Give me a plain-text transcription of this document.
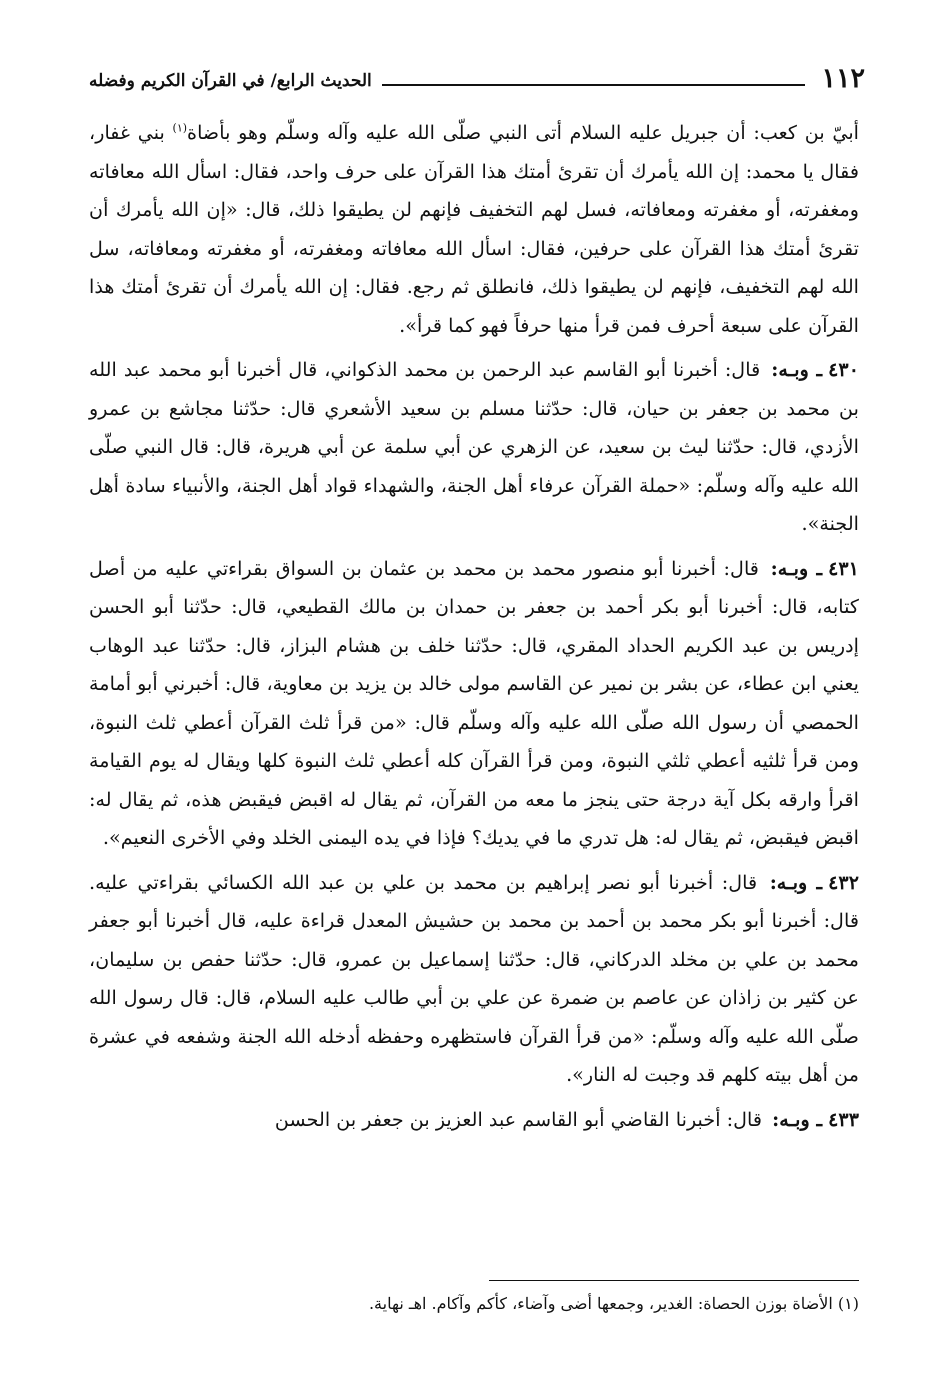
١١٢
الحديث الرابع/ في القرآن الكريم وفضله

أبيّ بن كعب: أن جبريل عليه السلام أتى النبي صلّى الله عليه وآله وسلّم وهو بأضاة$^{(١)}$ بني غفار، فقال يا محمد: إن الله يأمرك أن تقرئ أمتك هذا القرآن على حرف واحد، فقال: اسأل الله معافاته ومغفرته، أو مغفرته ومعافاته، فسل لهم التخفيف فإنهم لن يطيقوا ذلك، قال: «إن الله يأمرك أن تقرئ أمتك هذا القرآن على حرفين، فقال: اسأل الله معافاته ومغفرته، أو مغفرته ومعافاته، سل الله لهم التخفيف، فإنهم لن يطيقوا ذلك، فانطلق ثم رجع. فقال: إن الله يأمرك أن تقرئ أمتك هذا القرآن على سبعة أحرف فمن قرأ منها حرفاً فهو كما قرأ».

٤٣٠ـ وبـه: قال: أخبرنا أبو القاسم عبد الرحمن بن محمد الذكواني، قال أخبرنا أبو محمد عبد الله بن محمد بن جعفر بن حيان، قال: حدّثنا مسلم بن سعيد الأشعري قال: حدّثنا مجاشع بن عمرو الأزدي، قال: حدّثنا ليث بن سعيد، عن الزهري عن أبي سلمة عن أبي هريرة، قال: قال النبي صلّى الله عليه وآله وسلّم: «حملة القرآن عرفاء أهل الجنة، والشهداء قواد أهل الجنة، والأنبياء سادة أهل الجنة».

٤٣١ـ وبـه: قال: أخبرنا أبو منصور محمد بن محمد بن عثمان بن السواق بقراءتي عليه من أصل كتابه، قال: أخبرنا أبو بكر أحمد بن جعفر بن حمدان بن مالك القطيعي، قال: حدّثنا أبو الحسن إدريس بن عبد الكريم الحداد المقري، قال: حدّثنا خلف بن هشام البزاز، قال: حدّثنا عبد الوهاب يعني ابن عطاء، عن بشر بن نمير عن القاسم مولى خالد بن يزيد بن معاوية، قال: أخبرني أبو أمامة الحمصي أن رسول الله صلّى الله عليه وآله وسلّم قال: «من قرأ ثلث القرآن أعطي ثلث النبوة، ومن قرأ ثلثيه أعطي ثلثي النبوة، ومن قرأ القرآن كله أعطي ثلث النبوة كلها ويقال له يوم القيامة اقرأ وارقه بكل آية درجة حتى ينجز ما معه من القرآن، ثم يقال له اقبض فيقبض هذه، ثم يقال له: اقبض فيقبض، ثم يقال له: هل تدري ما في يديك؟ فإذا في يده اليمنى الخلد وفي الأخرى النعيم».

٤٣٢ـ وبـه: قال: أخبرنا أبو نصر إبراهيم بن محمد بن علي بن عبد الله الكسائي بقراءتي عليه. قال: أخبرنا أبو بكر محمد بن أحمد بن محمد بن حشيش المعدل قراءة عليه، قال أخبرنا أبو جعفر محمد بن علي بن مخلد الدركاني، قال: حدّثنا إسماعيل بن عمرو، قال: حدّثنا حفص بن سليمان، عن كثير بن زاذان عن عاصم بن ضمرة عن علي بن أبي طالب عليه السلام، قال: قال رسول الله صلّى الله عليه وآله وسلّم: «من قرأ القرآن فاستظهره وحفظه أدخله الله الجنة وشفعه في عشرة من أهل بيته كلهم قد وجبت له النار».

٤٣٣ـ وبـه: قال: أخبرنا القاضي أبو القاسم عبد العزيز بن جعفر بن الحسن

(١) الأضاة بوزن الحصاة: الغدير، وجمعها أضى وآضاء، كأكم وآكام. اهـ نهاية.
